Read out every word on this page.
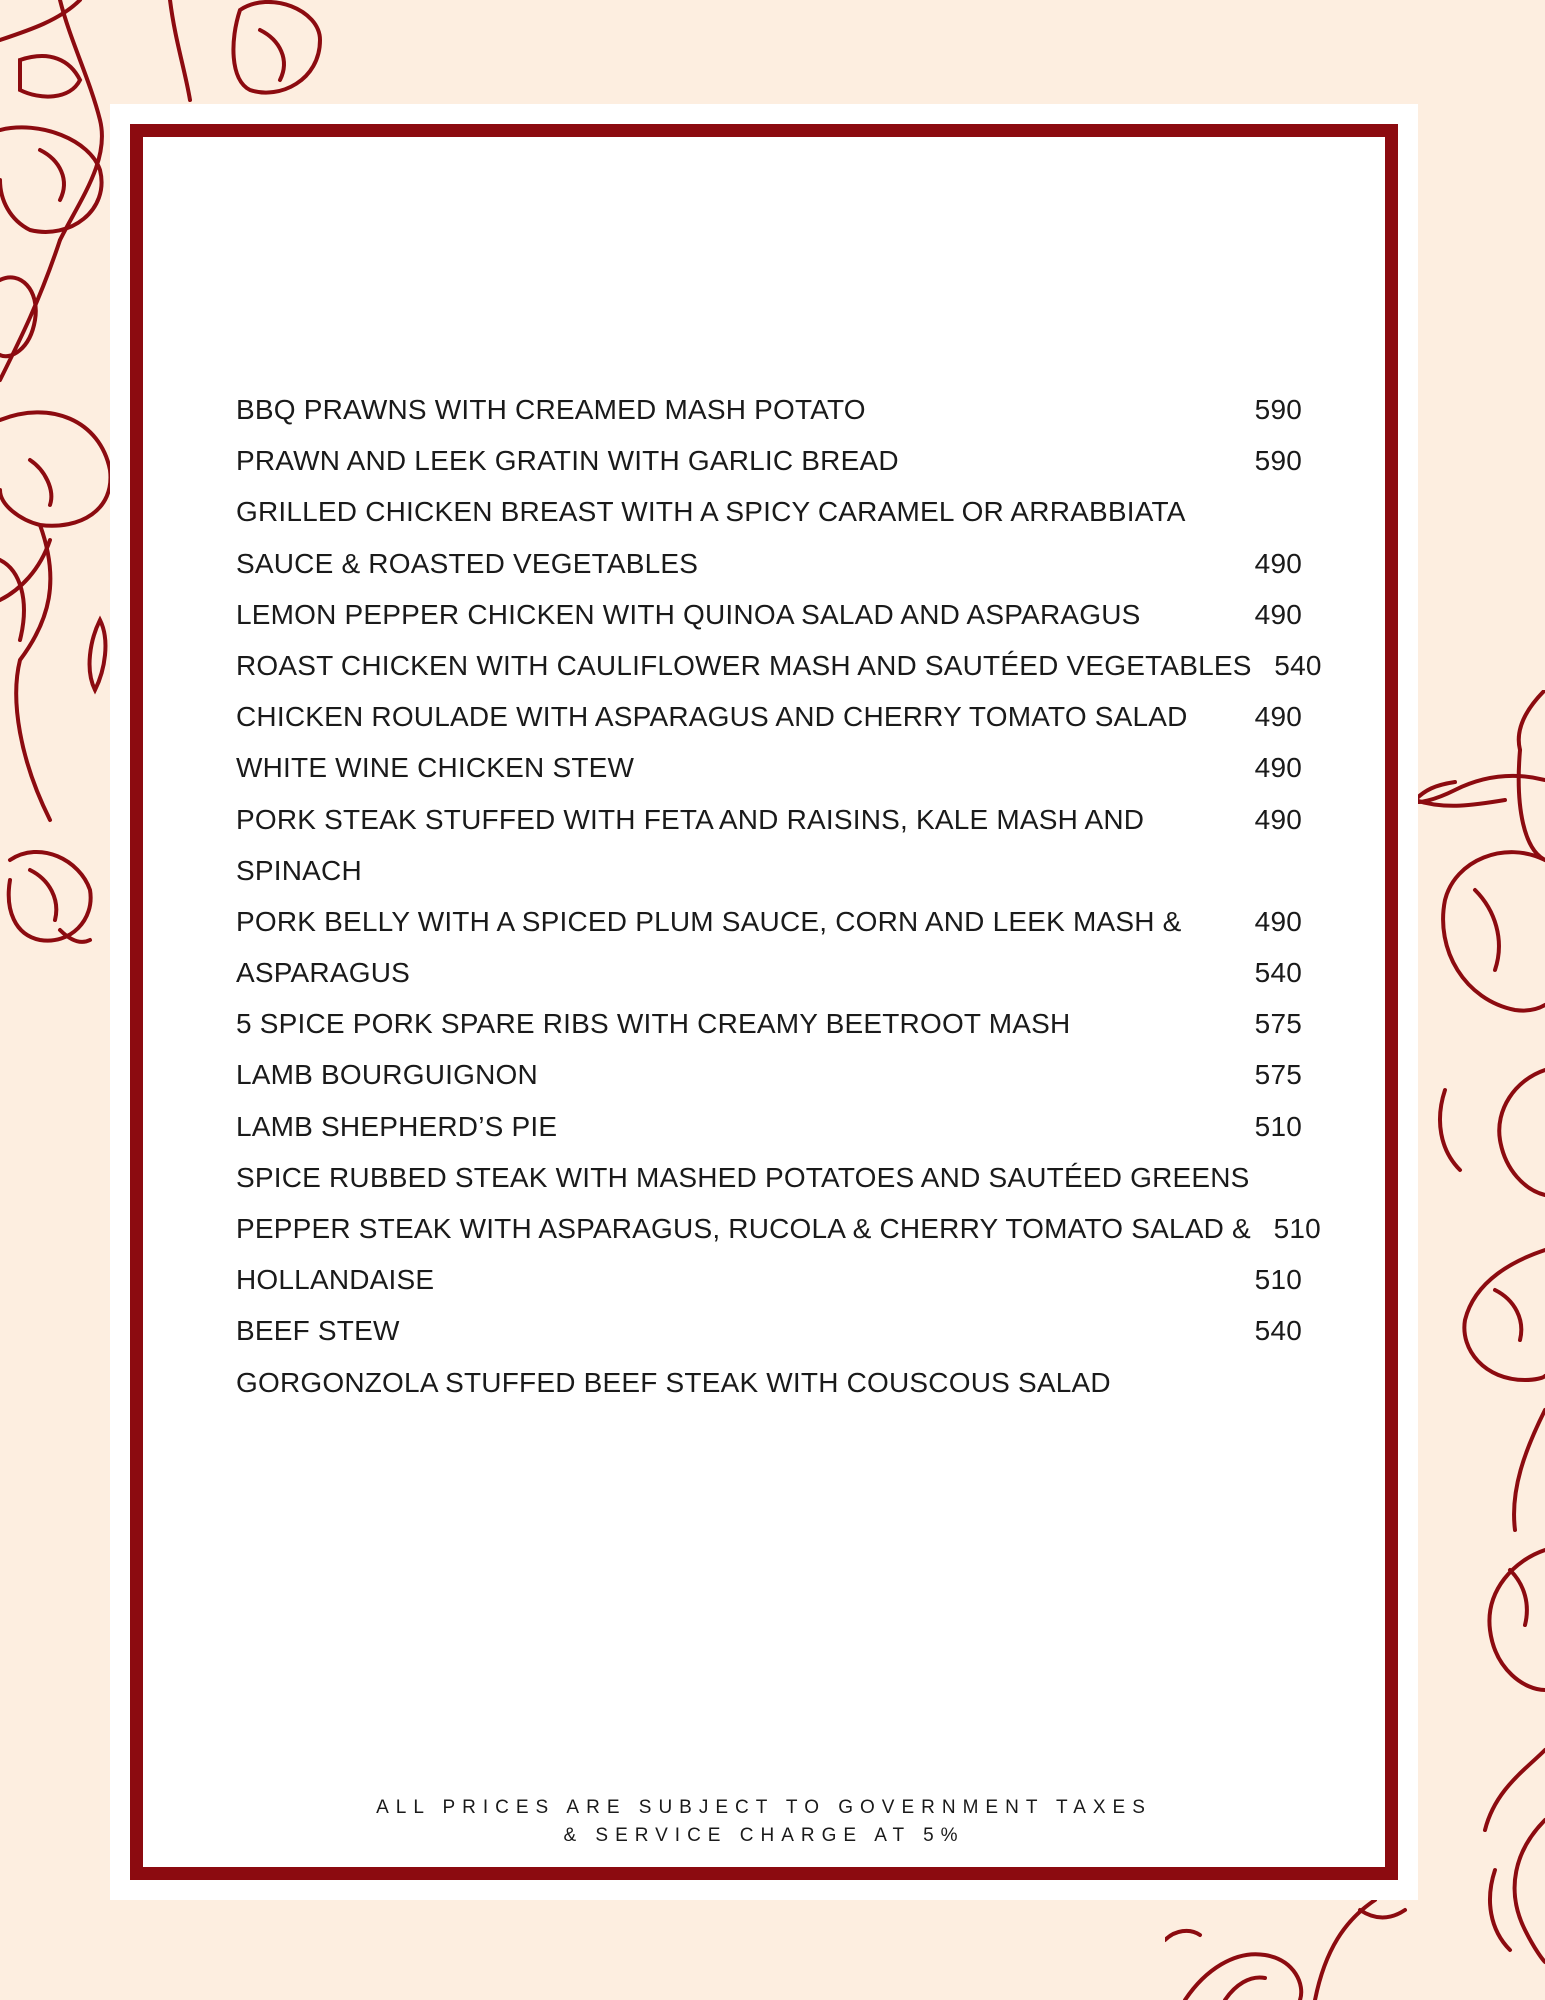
BBQ PRAWNS WITH CREAMED MASH POTATO	590
PRAWN AND LEEK GRATIN WITH GARLIC BREAD	590
GRILLED CHICKEN BREAST WITH A SPICY CARAMEL OR ARRABBIATA
SAUCE & ROASTED VEGETABLES	490
LEMON PEPPER CHICKEN WITH QUINOA SALAD AND ASPARAGUS	490
ROAST CHICKEN WITH CAULIFLOWER MASH AND SAUTÉED VEGETABLES 540
CHICKEN ROULADE WITH ASPARAGUS AND CHERRY TOMATO SALAD	490
WHITE WINE CHICKEN STEW	490
PORK STEAK STUFFED WITH FETA AND RAISINS, KALE MASH AND	490
SPINACH
PORK BELLY WITH A SPICED PLUM SAUCE, CORN AND LEEK MASH &	490
ASPARAGUS	540
5 SPICE PORK SPARE RIBS WITH CREAMY BEETROOT MASH	575
LAMB BOURGUIGNON	575
LAMB SHEPHERD’S PIE	510
SPICE RUBBED STEAK WITH MASHED POTATOES AND SAUTÉED GREENS
PEPPER STEAK WITH ASPARAGUS, RUCOLA & CHERRY TOMATO SALAD & 510
HOLLANDAISE	510
BEEF STEW	540
GORGONZOLA STUFFED BEEF STEAK WITH COUSCOUS SALAD
ALL PRICES ARE SUBJECT TO GOVERNMENT TAXES
& SERVICE CHARGE AT 5%
